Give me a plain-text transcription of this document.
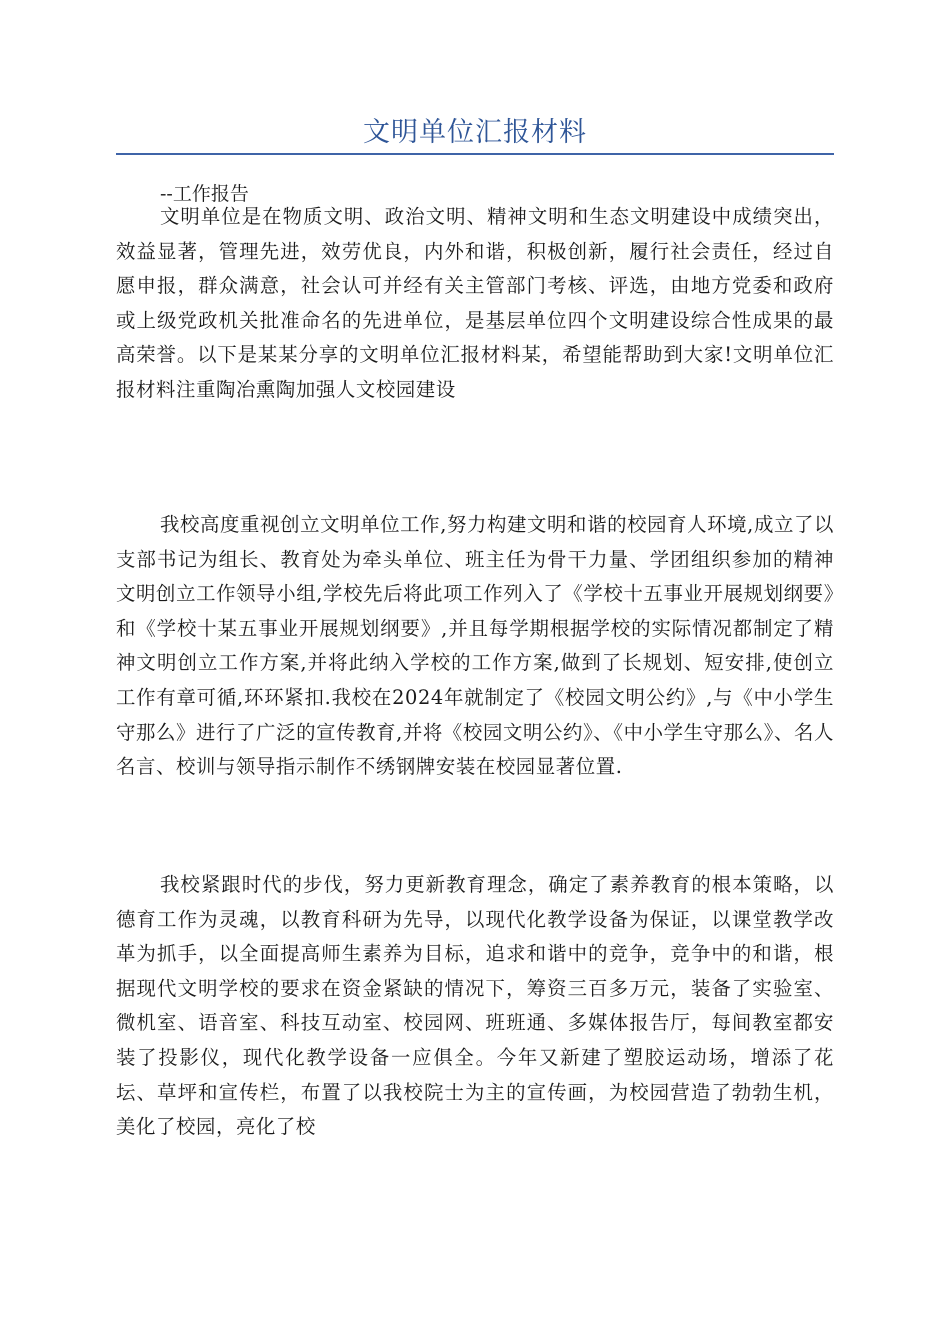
文明单位汇报材料
--工作报告

文明单位是在物质文明、政治文明、精神文明和生态文明建设中成绩突出，效益显著，管理先进，效劳优良，内外和谐，积极创新，履行社会责任，经过自愿申报，群众满意，社会认可并经有关主管部门考核、评选，由地方党委和政府或上级党政机关批准命名的先进单位，是基层单位四个文明建设综合性成果的最高荣誉。以下是某某分享的文明单位汇报材料某，希望能帮助到大家!文明单位汇报材料注重陶冶熏陶加强人文校园建设

我校高度重视创立文明单位工作,努力构建文明和谐的校园育人环境,成立了以支部书记为组长、教育处为牵头单位、班主任为骨干力量、学团组织参加的精神文明创立工作领导小组,学校先后将此项工作列入了《学校十五事业开展规划纲要》和《学校十某五事业开展规划纲要》,并且每学期根据学校的实际情况都制定了精神文明创立工作方案,并将此纳入学校的工作方案,做到了长规划、短安排,使创立工作有章可循,环环紧扣.我校在2024年就制定了《校园文明公约》,与《中小学生守那么》进行了广泛的宣传教育,并将《校园文明公约》、《中小学生守那么》、名人名言、校训与领导指示制作不绣钢牌安装在校园显著位置.

我校紧跟时代的步伐，努力更新教育理念，确定了素养教育的根本策略，以德育工作为灵魂，以教育科研为先导，以现代化教学设备为保证，以课堂教学改革为抓手，以全面提高师生素养为目标，追求和谐中的竞争，竞争中的和谐，根据现代文明学校的要求在资金紧缺的情况下，筹资三百多万元，装备了实验室、微机室、语音室、科技互动室、校园网、班班通、多媒体报告厅，每间教室都安装了投影仪，现代化教学设备一应俱全。今年又新建了塑胶运动场，增添了花坛、草坪和宣传栏，布置了以我校院士为主的宣传画，为校园营造了勃勃生机，美化了校园，亮化了校
